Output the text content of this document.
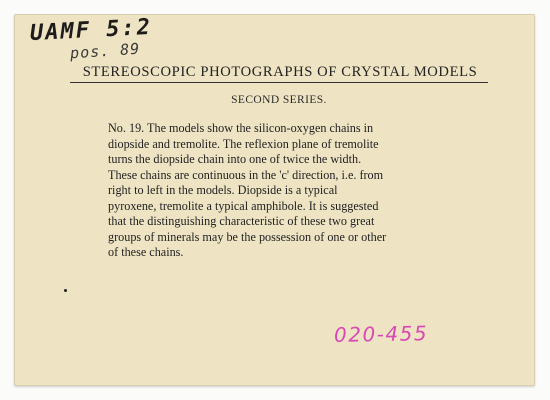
UAMF 5:2
pos. 89
STEREOSCOPIC PHOTOGRAPHS OF CRYSTAL MODELS
SECOND SERIES.
No. 19. The models show the silicon-oxygen chains in
diopside and tremolite. The reflexion plane of tremolite
turns the diopside chain into one of twice the width.
These chains are continuous in the 'c' direction, i.e. from
right to left in the models. Diopside is a typical
pyroxene, tremolite a typical amphibole. It is suggested
that the distinguishing characteristic of these two great
groups of minerals may be the possession of one or other
of these chains.
020-455
